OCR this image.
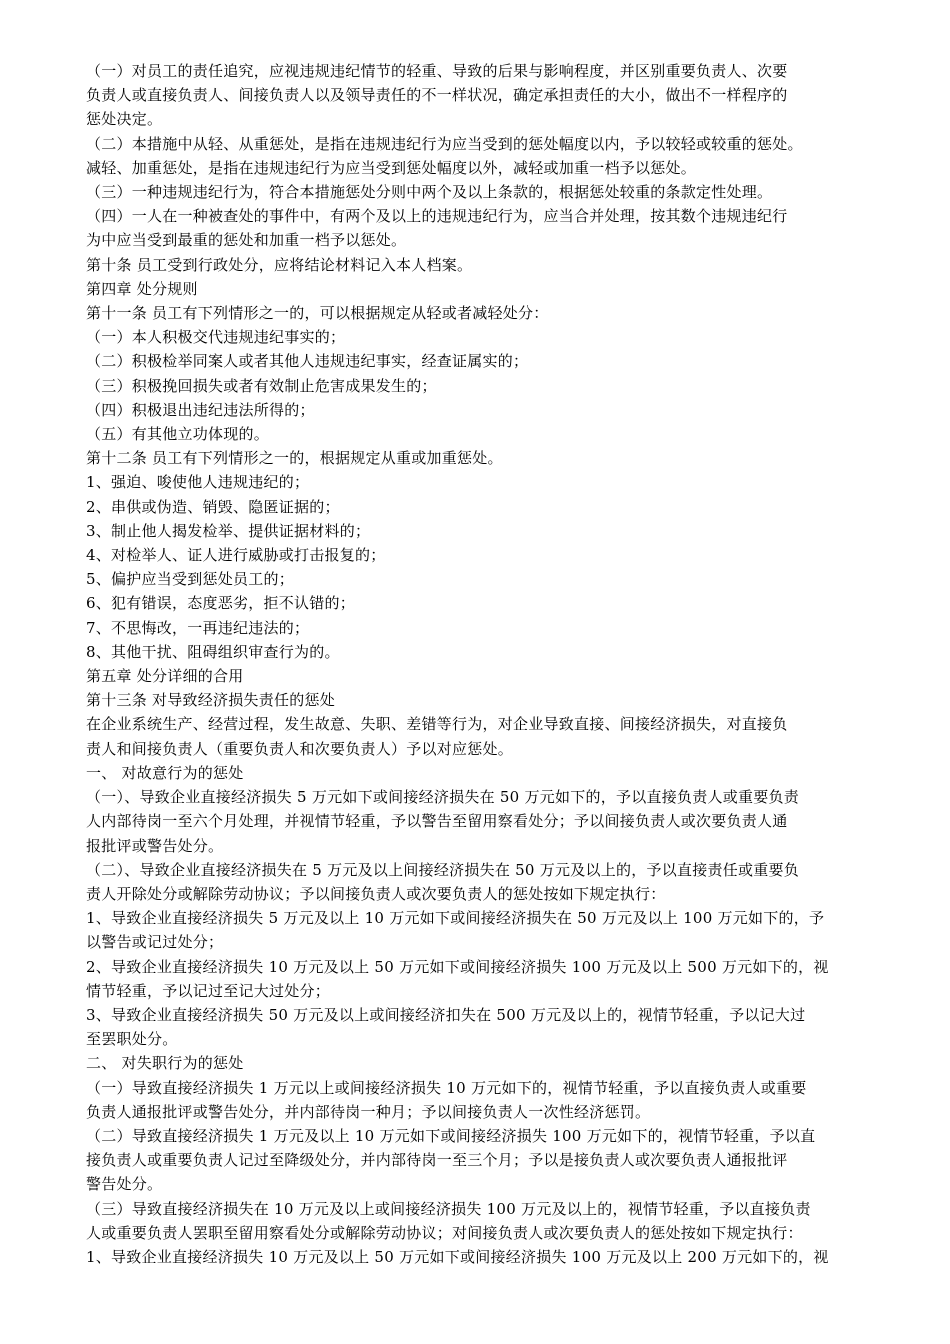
（一）对员工的责任追究，应视违规违纪情节的轻重、导致的后果与影响程度，并区别重要负责人、次要
负责人或直接负责人、间接负责人以及领导责任的不一样状况，确定承担责任的大小，做出不一样程序的
惩处决定。
（二）本措施中从轻、从重惩处，是指在违规违纪行为应当受到的惩处幅度以内，予以较轻或较重的惩处。
减轻、加重惩处，是指在违规违纪行为应当受到惩处幅度以外，减轻或加重一档予以惩处。
（三）一种违规违纪行为，符合本措施惩处分则中两个及以上条款的，根据惩处较重的条款定性处理。
（四）一人在一种被查处的事件中，有两个及以上的违规违纪行为，应当合并处理，按其数个违规违纪行
为中应当受到最重的惩处和加重一档予以惩处。
第十条 员工受到行政处分，应将结论材料记入本人档案。
第四章 处分规则
第十一条 员工有下列情形之一的，可以根据规定从轻或者减轻处分：
（一）本人积极交代违规违纪事实的；
（二）积极检举同案人或者其他人违规违纪事实，经查证属实的；
（三）积极挽回损失或者有效制止危害成果发生的；
（四）积极退出违纪违法所得的；
（五）有其他立功体现的。
第十二条 员工有下列情形之一的，根据规定从重或加重惩处。
1、强迫、唆使他人违规违纪的；
2、串供或伪造、销毁、隐匿证据的；
3、制止他人揭发检举、提供证据材料的；
4、对检举人、证人进行威胁或打击报复的；
5、偏护应当受到惩处员工的；
6、犯有错误，态度恶劣，拒不认错的；
7、不思悔改，一再违纪违法的；
8、其他干扰、阻碍组织审查行为的。
第五章 处分详细的合用
第十三条 对导致经济损失责任的惩处
在企业系统生产、经营过程，发生故意、失职、差错等行为，对企业导致直接、间接经济损失，对直接负
责人和间接负责人（重要负责人和次要负责人）予以对应惩处。
一、 对故意行为的惩处
（一）、导致企业直接经济损失 5 万元如下或间接经济损失在 50 万元如下的，予以直接负责人或重要负责
人内部待岗一至六个月处理，并视情节轻重，予以警告至留用察看处分；予以间接负责人或次要负责人通
报批评或警告处分。
（二）、导致企业直接经济损失在 5 万元及以上间接经济损失在 50 万元及以上的，予以直接责任或重要负
责人开除处分或解除劳动协议；予以间接负责人或次要负责人的惩处按如下规定执行：
1、导致企业直接经济损失 5 万元及以上 10 万元如下或间接经济损失在 50 万元及以上 100 万元如下的，予
以警告或记过处分；
2、导致企业直接经济损失 10 万元及以上 50 万元如下或间接经济损失 100 万元及以上 500 万元如下的，视
情节轻重，予以记过至记大过处分；
3、导致企业直接经济损失 50 万元及以上或间接经济扣失在 500 万元及以上的，视情节轻重，予以记大过
至罢职处分。
二、 对失职行为的惩处
（一）导致直接经济损失 1 万元以上或间接经济损失 10 万元如下的，视情节轻重，予以直接负责人或重要
负责人通报批评或警告处分，并内部待岗一种月；予以间接负责人一次性经济惩罚。
（二）导致直接经济损失 1 万元及以上 10 万元如下或间接经济损失 100 万元如下的，视情节轻重，予以直
接负责人或重要负责人记过至降级处分，并内部待岗一至三个月；予以是接负责人或次要负责人通报批评
警告处分。
（三）导致直接经济损失在 10 万元及以上或间接经济损失 100 万元及以上的，视情节轻重，予以直接负责
人或重要负责人罢职至留用察看处分或解除劳动协议；对间接负责人或次要负责人的惩处按如下规定执行：
1、导致企业直接经济损失 10 万元及以上 50 万元如下或间接经济损失 100 万元及以上 200 万元如下的，视
